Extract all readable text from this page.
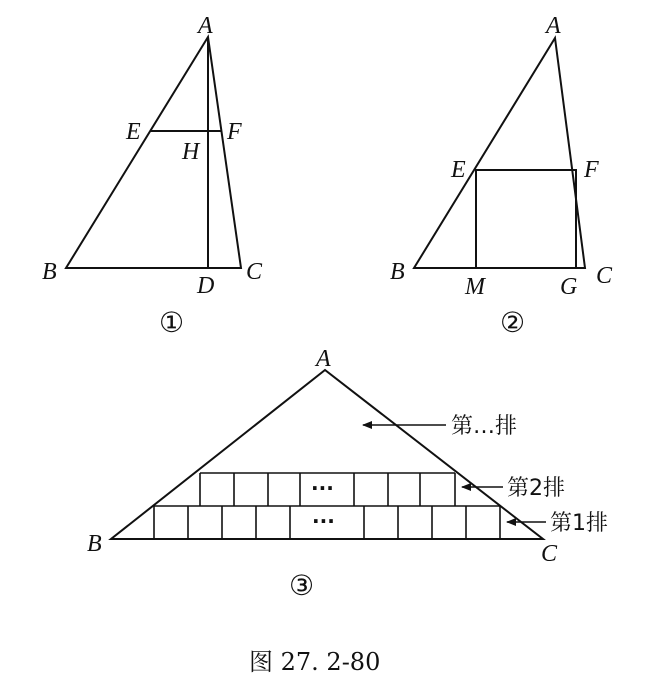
A
E	F
H
B
D
C
①
A
E	F
B
M	G C
②
···
···
第…排
第2排
第1排
A
B	C
③
图 27. 2-80
